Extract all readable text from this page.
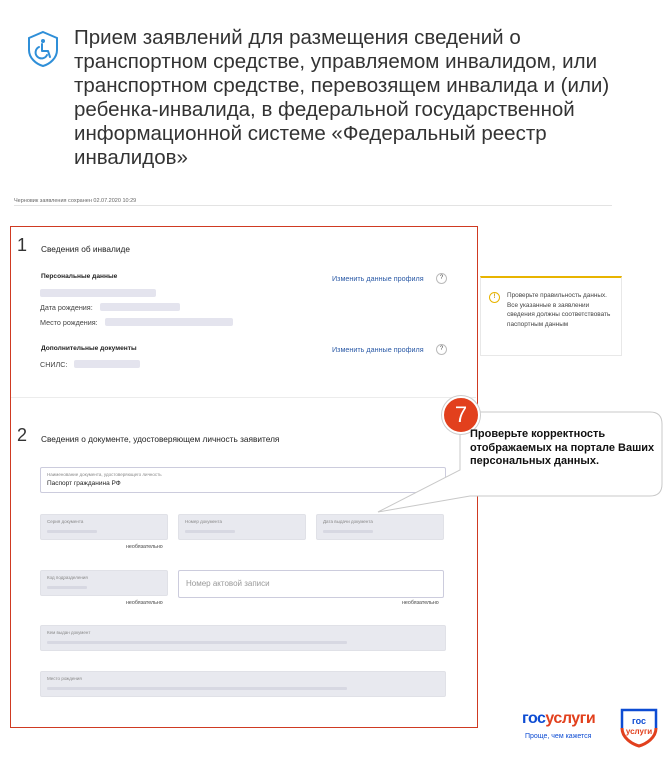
Прием заявлений для размещения сведений о транспортном средстве, управляемом инвалидом, или транспортном средстве, перевозящем инвалида и (или) ребенка-инвалида, в федеральной государственной информационной системе «Федеральный реестр инвалидов»
Черновик заявления сохранен 02.07.2020 10:29
1 Сведения об инвалиде
Персональные данные	Изменить данные профиля	?
Дата рождения:
Место рождения:
Дополнительные документы	Изменить данные профиля	?
СНИЛС:
2 Сведения о документе, удостоверяющем личность заявителя
Наименование документа, удостоверяющего личность
Паспорт гражданина РФ
Серия документа	Номер документа	Дата выдачи документа
необязательно
Код подразделения
Номер актовой записи
необязательно	необязательно
Кем выдан документ
Место рождения
!	Проверьте правильность данных. Все указанные в заявлении сведения должны соответствовать паспортным данным
7
Проверьте корректность отображаемых на портале Ваших персональных данных.
госуслуги
Проще, чем кажется
гос
услуги
